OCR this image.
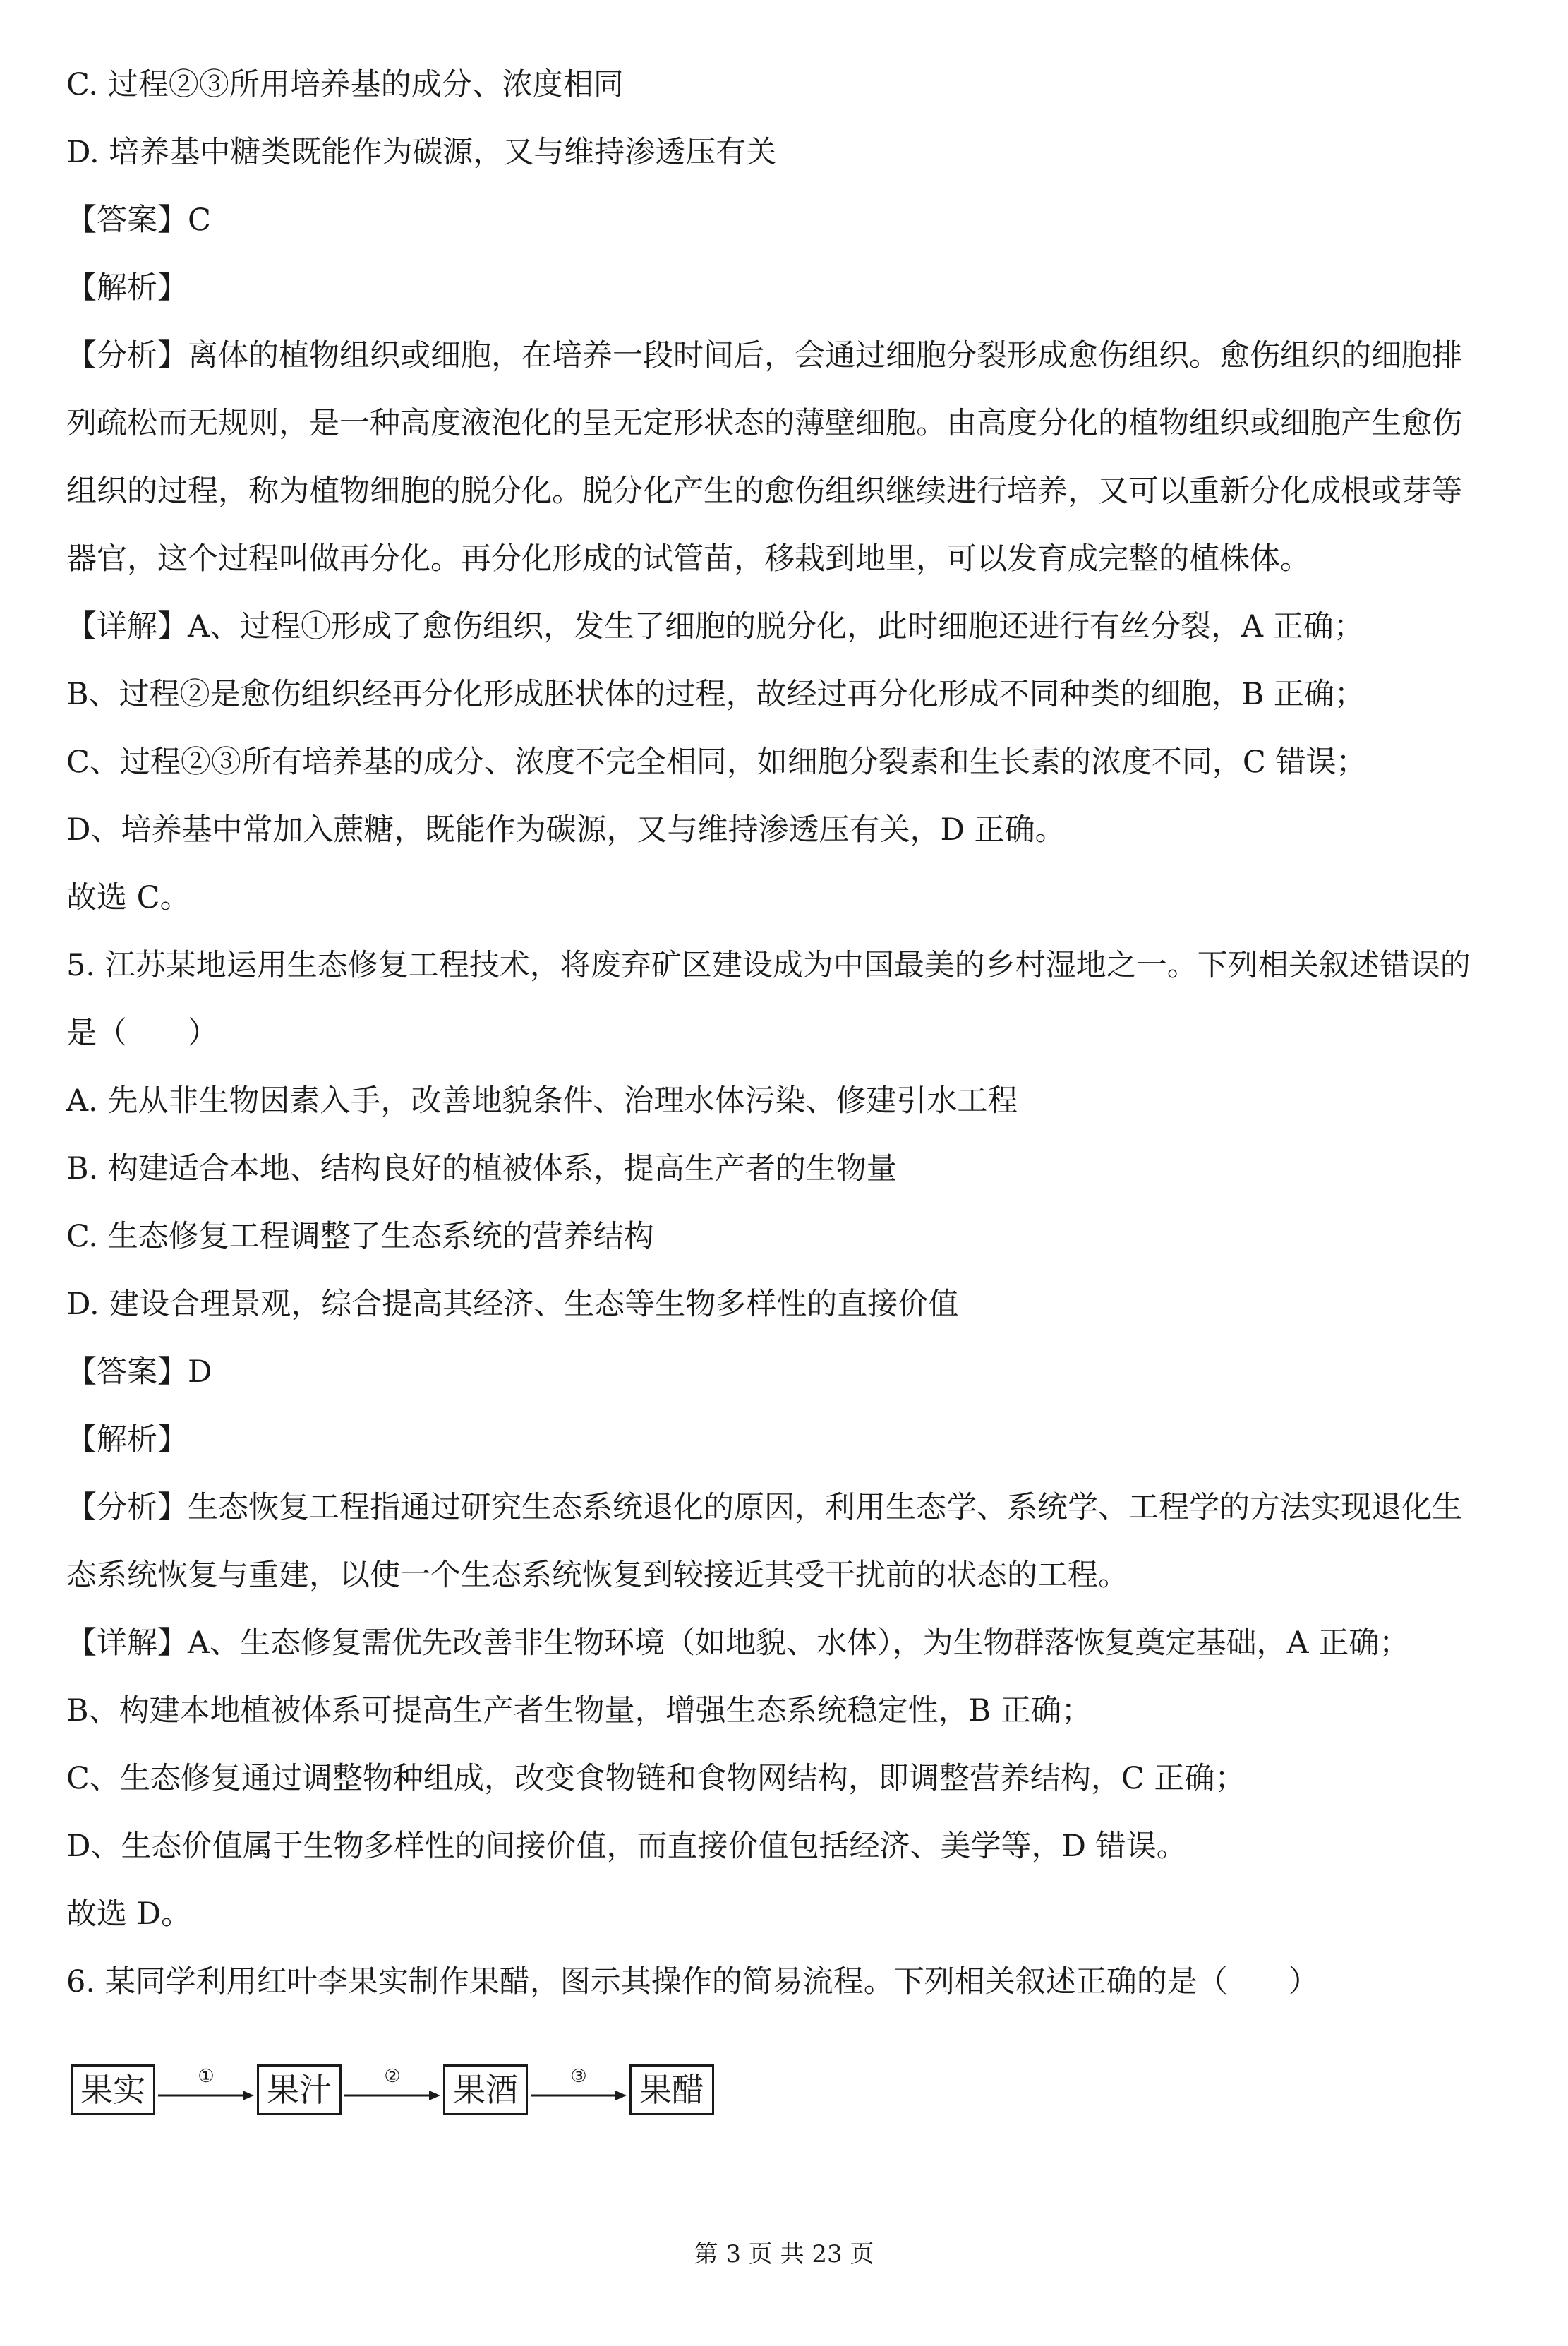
C. 过程②③所用培养基的成分、浓度相同
D. 培养基中糖类既能作为碳源，又与维持渗透压有关
【答案】C
【解析】
【分析】离体的植物组织或细胞，在培养一段时间后，会通过细胞分裂形成愈伤组织。愈伤组织的细胞排
列疏松而无规则，是一种高度液泡化的呈无定形状态的薄壁细胞。由高度分化的植物组织或细胞产生愈伤
组织的过程，称为植物细胞的脱分化。脱分化产生的愈伤组织继续进行培养，又可以重新分化成根或芽等
器官，这个过程叫做再分化。再分化形成的试管苗，移栽到地里，可以发育成完整的植株体。
【详解】A、过程①形成了愈伤组织，发生了细胞的脱分化，此时细胞还进行有丝分裂，A 正确；
B、过程②是愈伤组织经再分化形成胚状体的过程，故经过再分化形成不同种类的细胞，B 正确；
C、过程②③所有培养基的成分、浓度不完全相同，如细胞分裂素和生长素的浓度不同，C 错误；
D、培养基中常加入蔗糖，既能作为碳源，又与维持渗透压有关，D 正确。
故选 C。
5. 江苏某地运用生态修复工程技术，将废弃矿区建设成为中国最美的乡村湿地之一。下列相关叙述错误的
是（　　）
A. 先从非生物因素入手，改善地貌条件、治理水体污染、修建引水工程
B. 构建适合本地、结构良好的植被体系，提高生产者的生物量
C. 生态修复工程调整了生态系统的营养结构
D. 建设合理景观，综合提高其经济、生态等生物多样性的直接价值
【答案】D
【解析】
【分析】生态恢复工程指通过研究生态系统退化的原因，利用生态学、系统学、工程学的方法实现退化生
态系统恢复与重建，以使一个生态系统恢复到较接近其受干扰前的状态的工程。
【详解】A、生态修复需优先改善非生物环境（如地貌、水体），为生物群落恢复奠定基础，A 正确；
B、构建本地植被体系可提高生产者生物量，增强生态系统稳定性，B 正确；
C、生态修复通过调整物种组成，改变食物链和食物网结构，即调整营养结构，C 正确；
D、生态价值属于生物多样性的间接价值，而直接价值包括经济、美学等，D 错误。
故选 D。
6. 某同学利用红叶李果实制作果醋，图示其操作的简易流程。下列相关叙述正确的是（　　）
果实	①	果汁	②	果酒	③	果醋
第 3 页 共 23 页
